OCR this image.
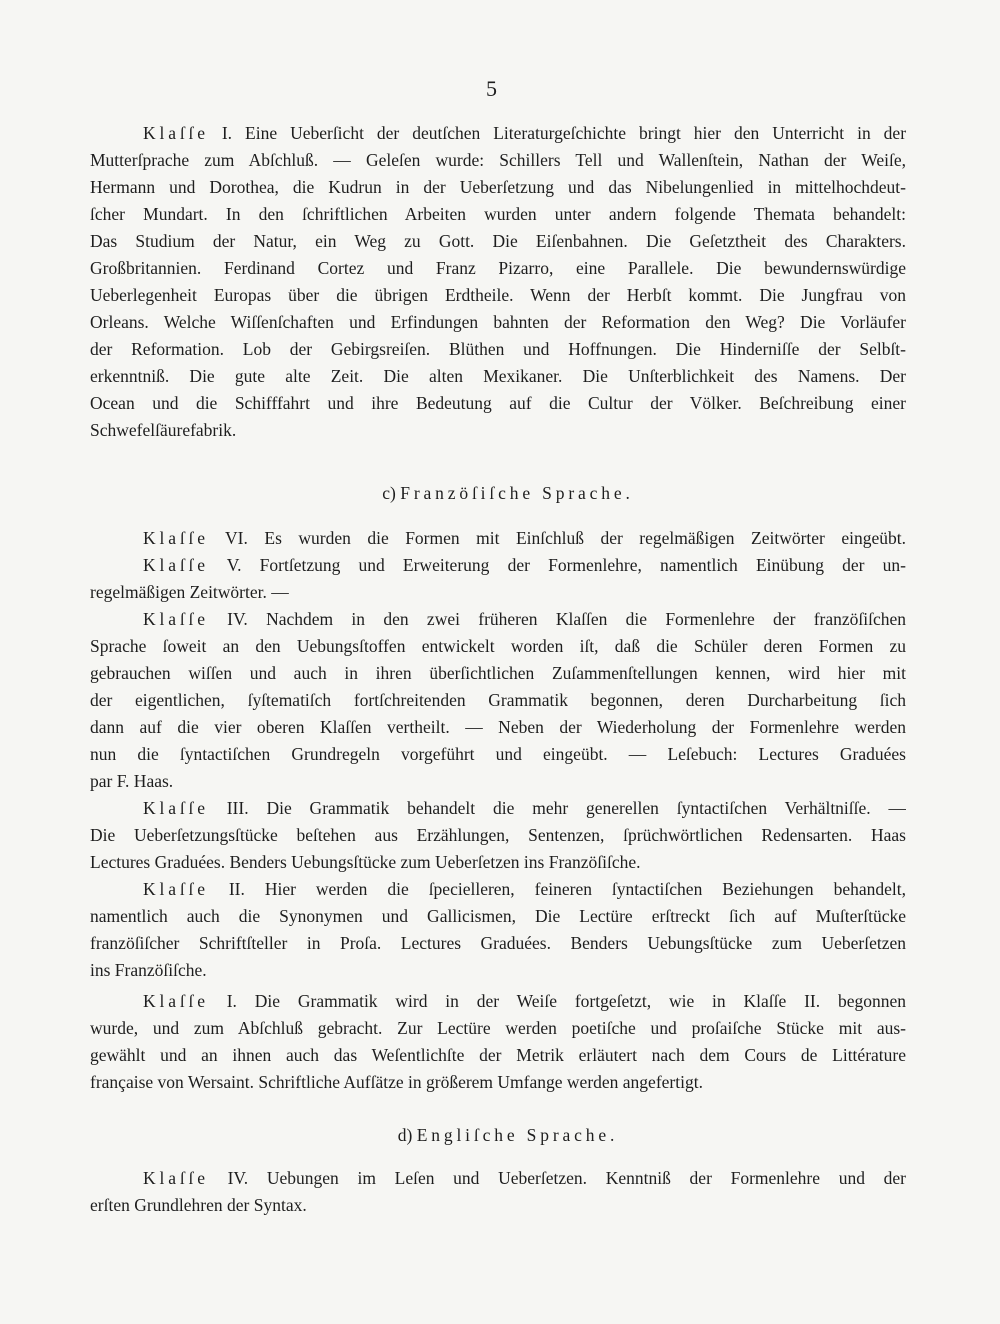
5
Klaſſe I. Eine Ueberſicht der deutſchen Literaturgeſchichte bringt hier den Unterricht in der
Mutterſprache zum Abſchluß. — Geleſen wurde: Schillers Tell und Wallenſtein, Nathan der Weiſe,
Hermann und Dorothea, die Kudrun in der Ueberſetzung und das Nibelungenlied in mittelhochdeut-
ſcher Mundart. In den ſchriftlichen Arbeiten wurden unter andern folgende Themata behandelt:
Das Studium der Natur, ein Weg zu Gott. Die Eiſenbahnen. Die Geſetztheit des Charakters.
Großbritannien. Ferdinand Cortez und Franz Pizarro, eine Parallele. Die bewundernswürdige
Ueberlegenheit Europas über die übrigen Erdtheile. Wenn der Herbſt kommt. Die Jungfrau von
Orleans. Welche Wiſſenſchaften und Erfindungen bahnten der Reformation den Weg? Die Vorläufer
der Reformation. Lob der Gebirgsreiſen. Blüthen und Hoffnungen. Die Hinderniſſe der Selbſt-
erkenntniß. Die gute alte Zeit. Die alten Mexikaner. Die Unſterblichkeit des Namens. Der
Ocean und die Schifffahrt und ihre Bedeutung auf die Cultur der Völker. Beſchreibung einer
Schwefelſäurefabrik.
c) Franzöſiſche Sprache.
Klaſſe VI. Es wurden die Formen mit Einſchluß der regelmäßigen Zeitwörter eingeübt.
Klaſſe V. Fortſetzung und Erweiterung der Formenlehre, namentlich Einübung der un-
regelmäßigen Zeitwörter. —
Klaſſe IV. Nachdem in den zwei früheren Klaſſen die Formenlehre der franzöſiſchen
Sprache ſoweit an den Uebungsſtoffen entwickelt worden iſt, daß die Schüler deren Formen zu
gebrauchen wiſſen und auch in ihren überſichtlichen Zuſammenſtellungen kennen, wird hier mit
der eigentlichen, ſyſtematiſch fortſchreitenden Grammatik begonnen, deren Durcharbeitung ſich
dann auf die vier oberen Klaſſen vertheilt. — Neben der Wiederholung der Formenlehre werden
nun die ſyntactiſchen Grundregeln vorgeführt und eingeübt. — Leſebuch: Lectures Graduées
par F. Haas.
Klaſſe III. Die Grammatik behandelt die mehr generellen ſyntactiſchen Verhältniſſe. —
Die Ueberſetzungsſtücke beſtehen aus Erzählungen, Sentenzen, ſprüchwörtlichen Redensarten. Haas
Lectures Graduées. Benders Uebungsſtücke zum Ueberſetzen ins Franzöſiſche.
Klaſſe II. Hier werden die ſpecielleren, feineren ſyntactiſchen Beziehungen behandelt,
namentlich auch die Synonymen und Gallicismen, Die Lectüre erſtreckt ſich auf Muſterſtücke
franzöſiſcher Schriftſteller in Proſa. Lectures Graduées. Benders Uebungsſtücke zum Ueberſetzen
ins Franzöſiſche.
Klaſſe I. Die Grammatik wird in der Weiſe fortgeſetzt, wie in Klaſſe II. begonnen
wurde, und zum Abſchluß gebracht. Zur Lectüre werden poetiſche und proſaiſche Stücke mit aus-
gewählt und an ihnen auch das Weſentlichſte der Metrik erläutert nach dem Cours de Littérature
française von Wersaint. Schriftliche Aufſätze in größerem Umfange werden angefertigt.
d) Engliſche Sprache.
Klaſſe IV. Uebungen im Leſen und Ueberſetzen. Kenntniß der Formenlehre und der
erſten Grundlehren der Syntax.
